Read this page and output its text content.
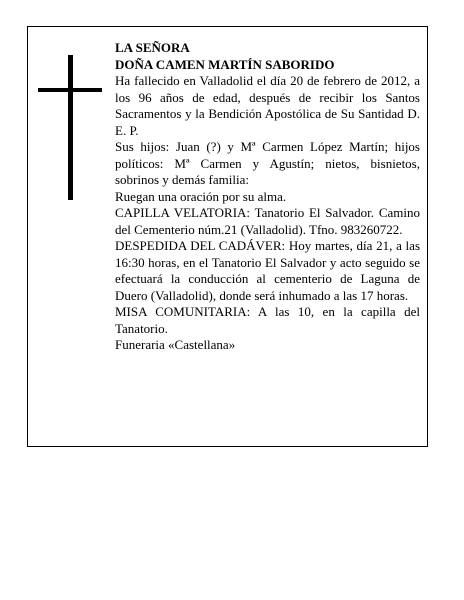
LA SEÑORA

DOÑA CAMEN MARTÍN SABORIDO

Ha fallecido en Valladolid el día 20 de febrero de 2012, a los 96 años de edad, después de recibir los Santos Sacramentos y la Bendición Apostólica de Su Santidad D. E. P.

Sus hijos: Juan (?) y Mª Carmen López Martín; hijos políticos: Mª Carmen y Agustín; nietos, bisnietos, sobrinos y demás familia:

Ruegan una oración por su alma.

CAPILLA VELATORIA: Tanatorio El Salvador. Camino del Cementerio núm.21 (Valladolid). Tfno. 983260722.

DESPEDIDA DEL CADÁVER: Hoy martes, día 21, a las 16:30 horas, en el Tanatorio El Salvador y acto seguido se efectuará la conducción al cementerio de Laguna de Duero (Valladolid), donde será inhumado a las 17 horas.

MISA COMUNITARIA: A las 10, en la capilla del Tanatorio.

Funeraria «Castellana»
